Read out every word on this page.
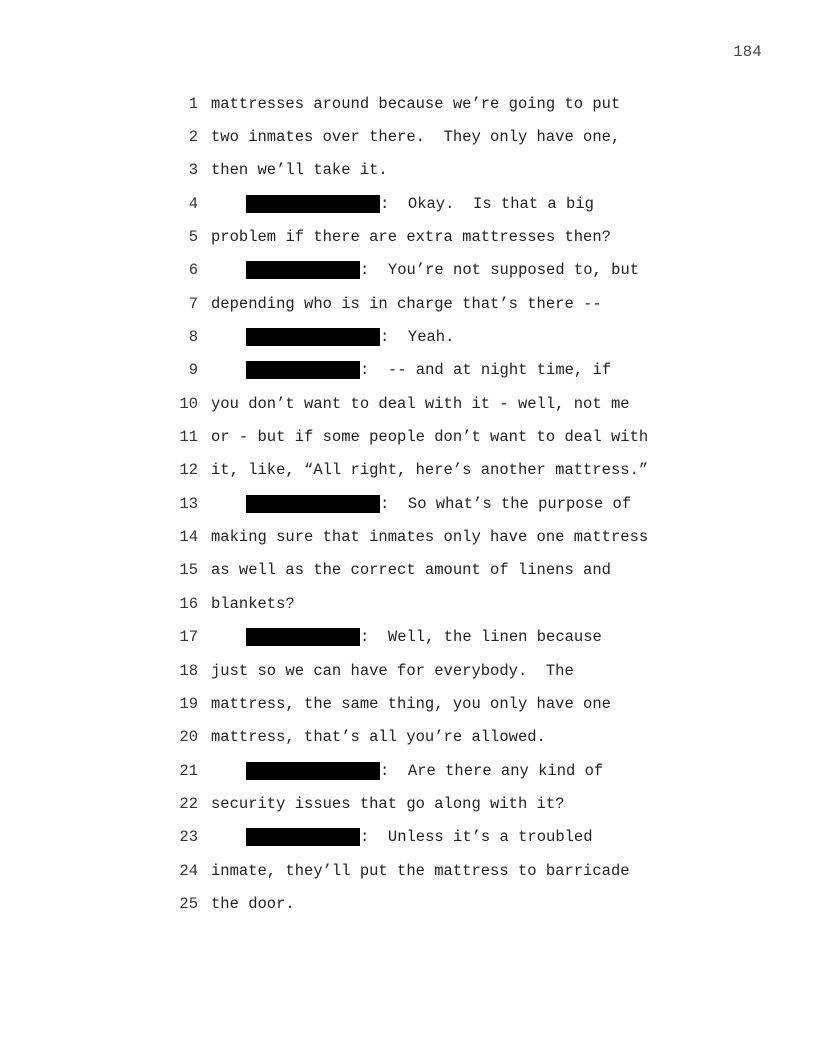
184
1 mattresses around because we’re going to put
2 two inmates over there.  They only have one,
3 then we’ll take it.
4	:  Okay.  Is that a big
5 problem if there are extra mattresses then?
6	:  You’re not supposed to, but
7 depending who is in charge that’s there --
8	:  Yeah.
9	:  -- and at night time, if
10 you don’t want to deal with it - well, not me
11 or - but if some people don’t want to deal with
12 it, like, “All right, here’s another mattress.”
13	:  So what’s the purpose of
14 making sure that inmates only have one mattress
15 as well as the correct amount of linens and
16 blankets?
17	:  Well, the linen because
18 just so we can have for everybody.  The
19 mattress, the same thing, you only have one
20 mattress, that’s all you’re allowed.
21	:  Are there any kind of
22 security issues that go along with it?
23	:  Unless it’s a troubled
24 inmate, they’ll put the mattress to barricade
25 the door.
